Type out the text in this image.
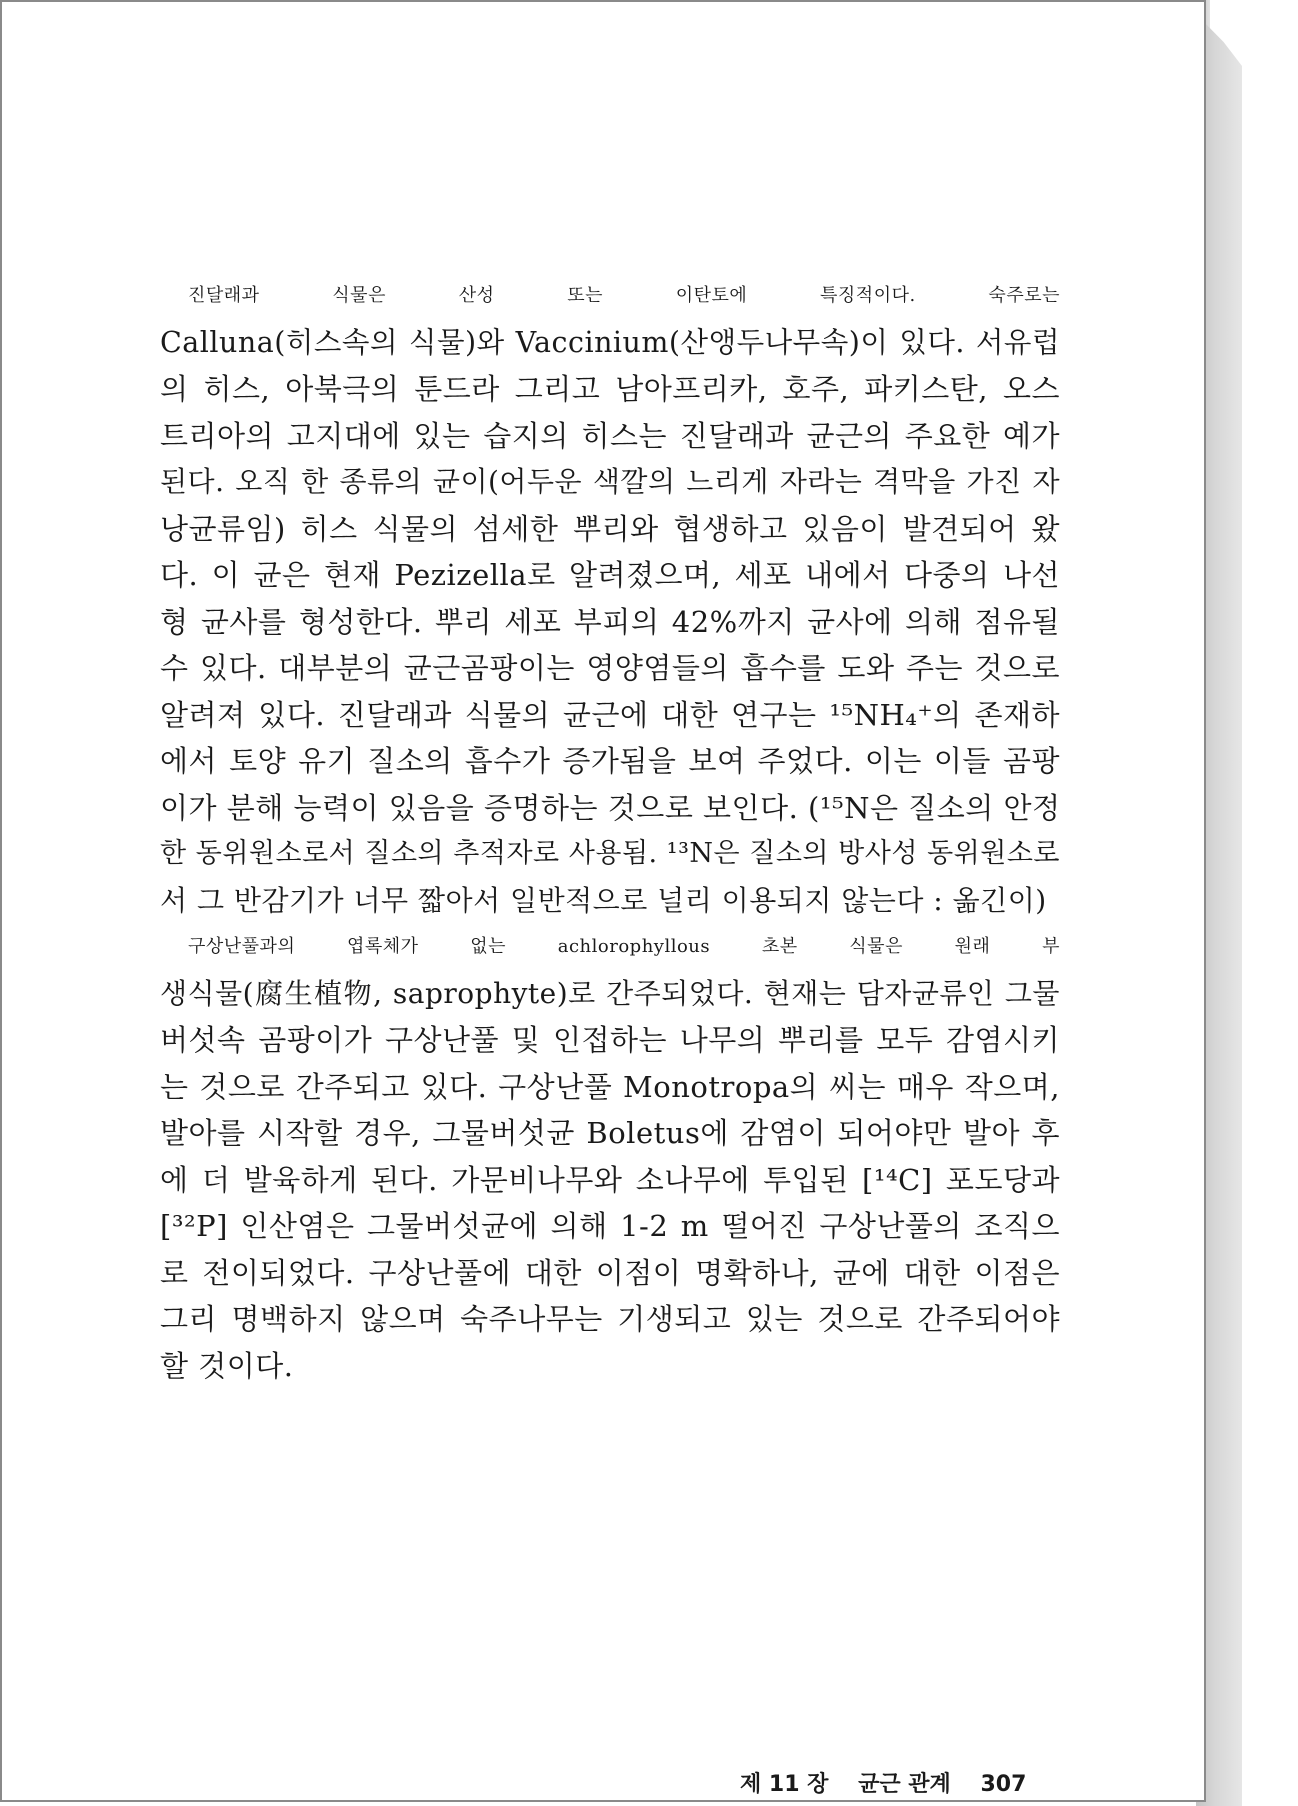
진달래과 식물은 산성 또는 이탄토에 특징적이다. 숙주로는
Calluna(히스속의 식물)와 Vaccinium(산앵두나무속)이 있다. 서유럽
의 히스, 아북극의 툰드라 그리고 남아프리카, 호주, 파키스탄, 오스
트리아의 고지대에 있는 습지의 히스는 진달래과 균근의 주요한 예가
된다. 오직 한 종류의 균이(어두운 색깔의 느리게 자라는 격막을 가진 자
낭균류임) 히스 식물의 섬세한 뿌리와 협생하고 있음이 발견되어 왔
다. 이 균은 현재 Pezizella로 알려졌으며, 세포 내에서 다중의 나선
형 균사를 형성한다. 뿌리 세포 부피의 42%까지 균사에 의해 점유될
수 있다. 대부분의 균근곰팡이는 영양염들의 흡수를 도와 주는 것으로
알려져 있다. 진달래과 식물의 균근에 대한 연구는 ¹⁵NH₄⁺의 존재하
에서 토양 유기 질소의 흡수가 증가됨을 보여 주었다. 이는 이들 곰팡
이가 분해 능력이 있음을 증명하는 것으로 보인다. (¹⁵N은 질소의 안정
한 동위원소로서 질소의 추적자로 사용됨. ¹³N은 질소의 방사성 동위원소로
서 그 반감기가 너무 짧아서 일반적으로 널리 이용되지 않는다 : 옮긴이)

구상난풀과의 엽록체가 없는 achlorophyllous 초본 식물은 원래 부
생식물(腐生植物, saprophyte)로 간주되었다. 현재는 담자균류인 그물
버섯속 곰팡이가 구상난풀 및 인접하는 나무의 뿌리를 모두 감염시키
는 것으로 간주되고 있다. 구상난풀 Monotropa의 씨는 매우 작으며,
발아를 시작할 경우, 그물버섯균 Boletus에 감염이 되어야만 발아 후
에 더 발육하게 된다. 가문비나무와 소나무에 투입된 [¹⁴C] 포도당과
[³²P] 인산염은 그물버섯균에 의해 1-2 m 떨어진 구상난풀의 조직으
로 전이되었다. 구상난풀에 대한 이점이 명확하나, 균에 대한 이점은
그리 명백하지 않으며 숙주나무는 기생되고 있는 것으로 간주되어야
할 것이다.

제 11 장 균근 관계 307
